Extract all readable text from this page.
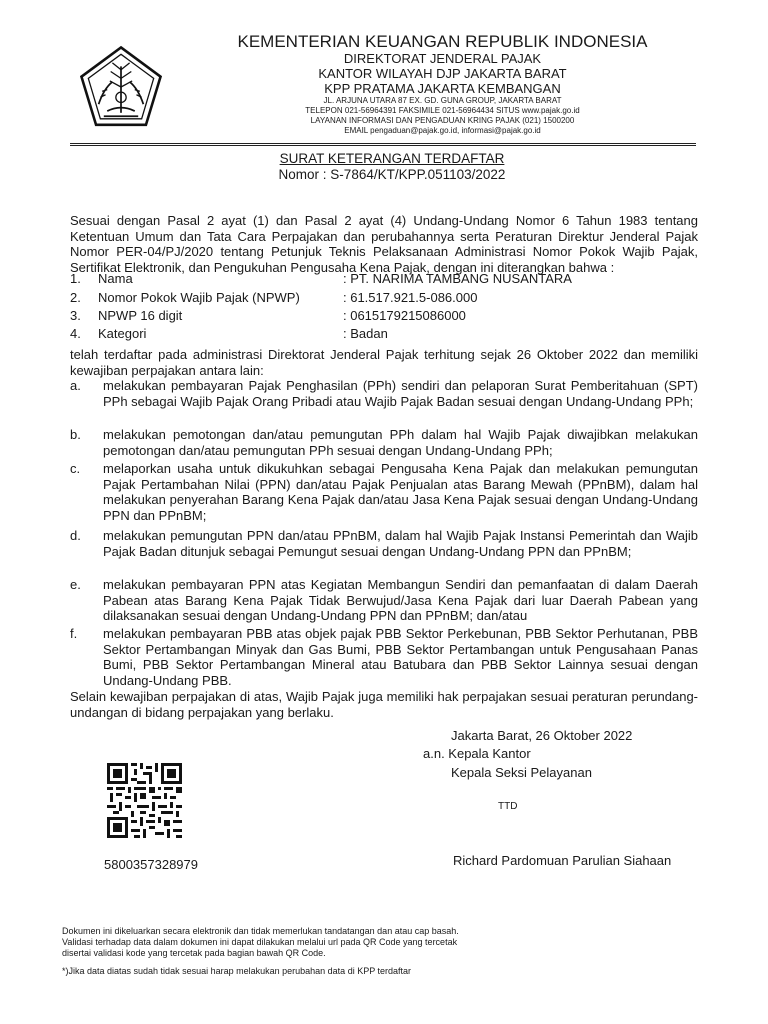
KEMENTERIAN KEUANGAN REPUBLIK INDONESIA
DIREKTORAT JENDERAL PAJAK
KANTOR WILAYAH DJP JAKARTA BARAT
KPP PRATAMA JAKARTA KEMBANGAN
JL. ARJUNA UTARA 87 EX. GD. GUNA GROUP, JAKARTA BARAT
TELEPON 021-56964391 FAKSIMILE 021-56964434 SITUS www.pajak.go.id
LAYANAN INFORMASI DAN PENGADUAN KRING PAJAK (021) 1500200
EMAIL pengaduan@pajak.go.id, informasi@pajak.go.id
SURAT KETERANGAN TERDAFTAR
Nomor : S-7864/KT/KPP.051103/2022
Sesuai dengan Pasal 2 ayat (1) dan Pasal 2 ayat (4) Undang-Undang Nomor 6 Tahun 1983 tentang Ketentuan Umum dan Tata Cara Perpajakan dan perubahannya serta Peraturan Direktur Jenderal Pajak Nomor PER-04/PJ/2020 tentang Petunjuk Teknis Pelaksanaan Administrasi Nomor Pokok Wajib Pajak, Sertifikat Elektronik, dan Pengukuhan Pengusaha Kena Pajak, dengan ini diterangkan bahwa :
1. Nama	: PT. NARIMA TAMBANG NUSANTARA
2. Nomor Pokok Wajib Pajak (NPWP)	: 61.517.921.5-086.000
3. NPWP 16 digit	: 0615179215086000
4. Kategori	: Badan
telah terdaftar pada administrasi Direktorat Jenderal Pajak terhitung sejak 26 Oktober 2022 dan memiliki kewajiban perpajakan antara lain:
a. melakukan pembayaran Pajak Penghasilan (PPh) sendiri dan pelaporan Surat Pemberitahuan (SPT) PPh sebagai Wajib Pajak Orang Pribadi atau Wajib Pajak Badan sesuai dengan Undang-Undang PPh;
b. melakukan pemotongan dan/atau pemungutan PPh dalam hal Wajib Pajak diwajibkan melakukan pemotongan dan/atau pemungutan PPh sesuai dengan Undang-Undang PPh;
c. melaporkan usaha untuk dikukuhkan sebagai Pengusaha Kena Pajak dan melakukan pemungutan Pajak Pertambahan Nilai (PPN) dan/atau Pajak Penjualan atas Barang Mewah (PPnBM), dalam hal melakukan penyerahan Barang Kena Pajak dan/atau Jasa Kena Pajak sesuai dengan Undang-Undang PPN dan PPnBM;
d. melakukan pemungutan PPN dan/atau PPnBM, dalam hal Wajib Pajak Instansi Pemerintah dan Wajib Pajak Badan ditunjuk sebagai Pemungut sesuai dengan Undang-Undang PPN dan PPnBM;
e. melakukan pembayaran PPN atas Kegiatan Membangun Sendiri dan pemanfaatan di dalam Daerah Pabean atas Barang Kena Pajak Tidak Berwujud/Jasa Kena Pajak dari luar Daerah Pabean yang dilaksanakan sesuai dengan Undang-Undang PPN dan PPnBM; dan/atau
f. melakukan pembayaran PBB atas objek pajak PBB Sektor Perkebunan, PBB Sektor Perhutanan, PBB Sektor Pertambangan Minyak dan Gas Bumi, PBB Sektor Pertambangan untuk Pengusahaan Panas Bumi, PBB Sektor Pertambangan Mineral atau Batubara dan PBB Sektor Lainnya sesuai dengan Undang-Undang PBB.
Selain kewajiban perpajakan di atas, Wajib Pajak juga memiliki hak perpajakan sesuai peraturan perundang-undangan di bidang perpajakan yang berlaku.
Jakarta Barat, 26 Oktober 2022
a.n. Kepala Kantor
Kepala Seksi Pelayanan
TTD
Richard Pardomuan Parulian Siahaan
5800357328979
Dokumen ini dikeluarkan secara elektronik dan tidak memerlukan tandatangan dan atau cap basah.
Validasi terhadap data dalam dokumen ini dapat dilakukan melalui url pada QR Code yang tercetak
disertai validasi kode yang tercetak pada bagian bawah QR Code.
*)Jika data diatas sudah tidak sesuai harap melakukan perubahan data di KPP terdaftar
